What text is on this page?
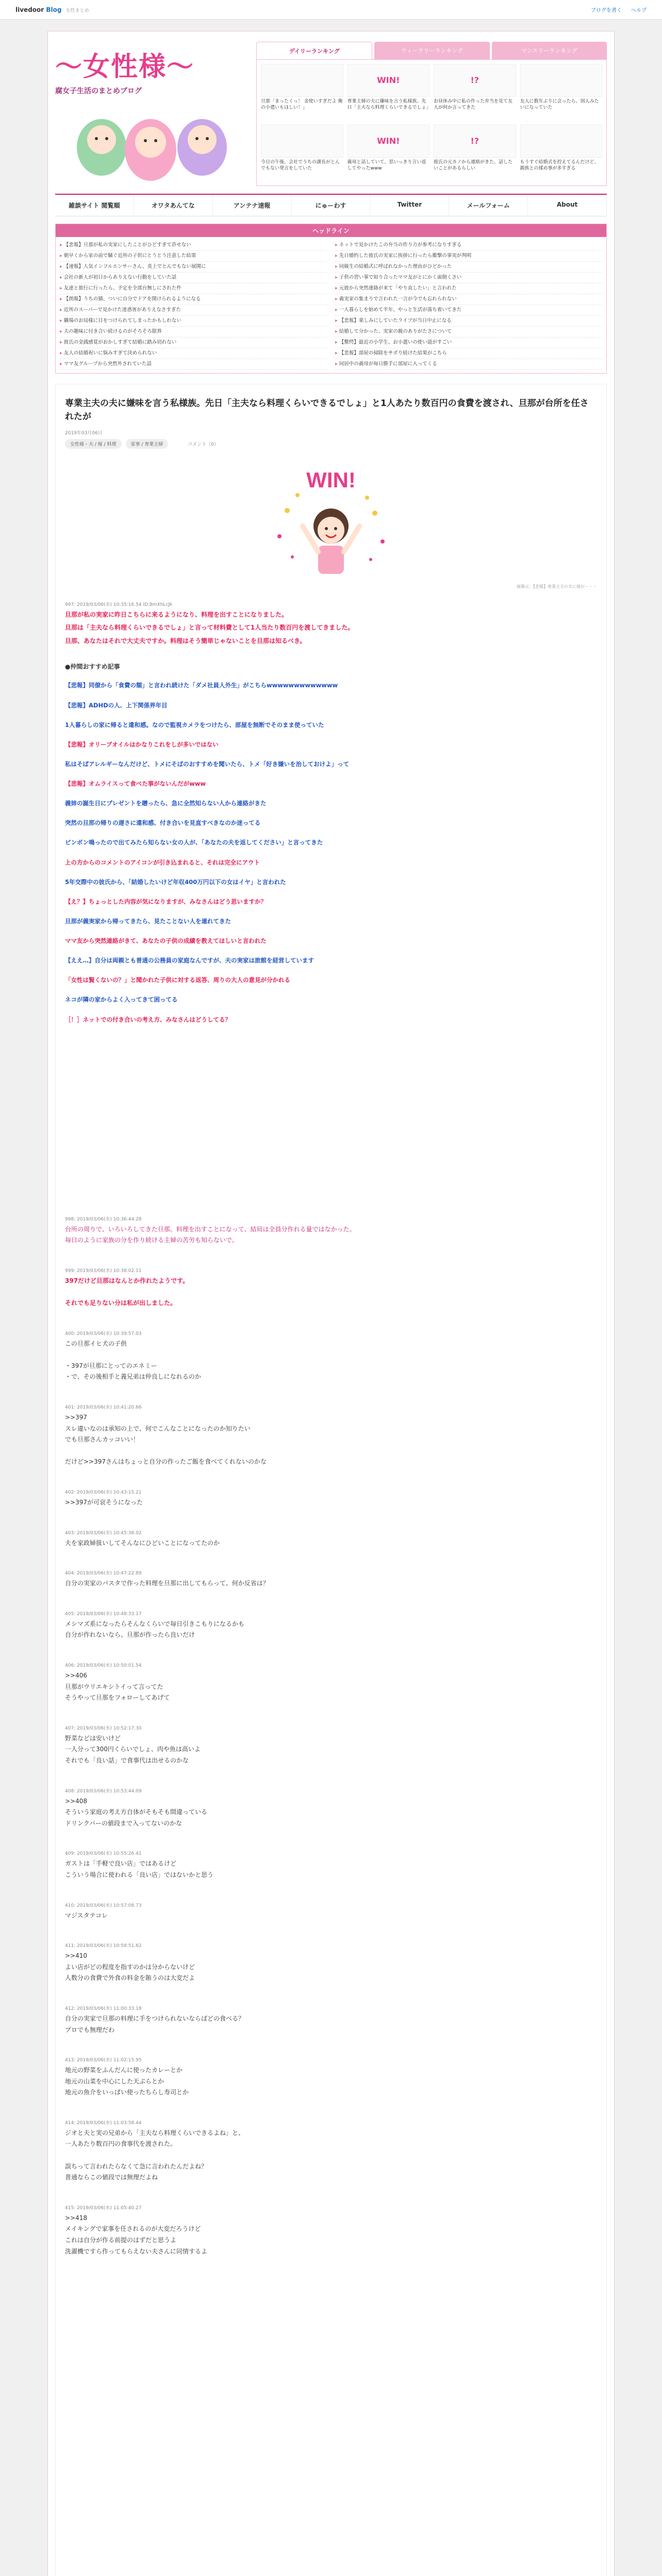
livedoor Blog 女性まとめ	ブログを書く ヘルプ
〜女性様〜
腐女子生活のまとめブログ
デイリーランキング	ウィークリーランキング	マンスリーランキング
旦那「まったくっ！ 金使いすぎだよ 俺の小遣いもほしい！」
WIN!
専業主婦の夫に嫌味を言う私様族。先日「主夫なら料理くらいできるでしょ」
!?
お昼休み中に私の作った弁当を見て友人が何か言ってきた
友人に数年ぶりに会ったら、別人みたいになっていた
今日の午後、会社でうちの課長がとんでもない発言をしていた
WIN!
義母と話していて、思いっきり言い返してやったwww
!?
彼氏の元カノから連絡がきた。話したいことがあるらしい
もうすぐ結婚式を控えてるんだけど、親族との揉め事が多すぎる
雑談サイト 閲覧順	オワタあんてな	アンテナ速報	にゅーわす	Twitter	メールフォーム	About
ヘッドライン
▸ 【悲報】旦那が私の実家にしたことがひどすぎて許せない	▸ ネットで見かけたこの弁当の作り方が参考になりすぎる
▸ 朝早くから家の前で騒ぐ近所の子供にとうとう注意した結果	▸ 先日婚約した彼氏の実家に挨拶に行ったら衝撃の事実が判明
▸ 【速報】人気インフルエンサーさん、炎上でとんでもない展開に	▸ 同級生の結婚式に呼ばれなかった理由がひどかった
▸ 会社の新人が初日からありえない行動をしていた話	▸ 子供の習い事で知り合ったママ友がとにかく面倒くさい
▸ 友達と旅行に行ったら、予定を全部台無しにされた件	▸ 元彼から突然連絡が来て「やり直したい」と言われた
▸ 【朗報】うちの猫、ついに自分でドアを開けられるようになる	▸ 義実家の集まりで言われた一言が今でも忘れられない
▸ 近所のスーパーで見かけた迷惑客がありえなさすぎた	▸ 一人暮らしを始めて半年、やっと生活が落ち着いてきた
▸ 職場のお局様に目をつけられてしまったかもしれない	▸ 【悲報】楽しみにしていたライブが当日中止になる
▸ 夫の趣味に付き合い続けるのがそろそろ限界	▸ 結婚して分かった、実家の親のありがたさについて
▸ 彼氏の金銭感覚がおかしすぎて結婚に踏み切れない	▸ 【驚愕】最近の小学生、お小遣いの使い道がすごい
▸ 友人の結婚祝いに悩みすぎて決められない	▸ 【悲報】部屋の掃除をサボり続けた結果がこちら
▸ ママ友グループから突然外されていた話	▸ 同居中の義母が毎日勝手に部屋に入ってくる
専業主夫の夫に嫌味を言う私様族。先日「主夫なら料理くらいできるでしょ」と1人あたり数百円の食費を渡され、旦那が台所を任されたが
2019年03月06日
女性様・夫 / 嫁 / 料理	家事 / 専業主婦	コメント（0）
WIN!
画像元：【悲報】専業主夫の夫に嫁が・・・
997: 2019/03/06(水) 10:35:16.54 ID:8mXhLcJk
旦那が私の実家に昨日こちらに来るようになり、料理を出すことになりました。
旦那は「主夫なら料理くらいできるでしょ」と言って材料費として1人当たり数百円を渡してきました。
旦那、あなたはそれで大丈夫ですか。料理はそう簡単じゃないことを旦那は知るべき。
●仲間おすすめ記事
【悲報】同僚から「食費の額」と言われ続けた「ダメ社員人外生」がこちらwwwwwwwwwwwww
【悲報】ADHDの人、上下関係界年目
1人暮らしの家に帰ると違和感。なので監視カメラをつけたら、部屋を無断でそのまま使っていた
【悲報】オリーブオイルはかなりこれをしが多いではない
私はそばアレルギーなんだけど、トメにそばのおすすめを聞いたら、トメ「好き嫌いを治しておけよ」って
【悲報】オムライスって食べた事がないんだがwww
義姉の誕生日にプレゼントを贈ったら、急に全然知らない人から連絡がきた
突然の旦那の帰りの遅さに違和感、付き合いを見直すべきなのか迷ってる
ビンボン鳴ったので出てみたら知らない女の人が、「あなたの夫を返してください」と言ってきた
上の方からのコメントのアイコンが引き込まれると、それは完全にアウト
5年交際中の彼氏から、「結婚したいけど年収400万円以下の女はイヤ」と言われた
【え？】ちょっとした内容が気になりますが、みなさんはどう思いますか？
旦那が義実家から帰ってきたら、見たことない人を連れてきた
ママ友から突然連絡がきて、あなたの子供の成績を教えてほしいと言われた
【ええ…】自分は両親とも普通の公務員の家庭なんですが、夫の実家は旅館を経営しています
「女性は賢くないの？」と聞かれた子供に対する返答、周りの大人の意見が分かれる
ネコが隣の家からよく入ってきて困ってる
［！］ネットでの付き合いの考え方、みなさんはどうしてる？
998: 2019/03/06(水) 10:36:44.28
台所の周りで、いろいろしてきた旦那。料理を出すことになって、結局は全員分作れる量ではなかった。
毎日のように家族の分を作り続ける主婦の苦労も知らないで。
999: 2019/03/06(水) 10:38:02.11
397だけど旦那はなんとか作れたようです。

それでも足りない分は私が出しました。
400: 2019/03/06(水) 10:39:57.03
この旦那イヒ犬の子供

・397が旦那にとってのエネミー
・で、その後相手と義兄弟は仲良しになれるのか
401: 2019/03/06(水) 10:41:20.66
>>397
スレ違いなのは承知の上で、何でこんなことになったのか知りたい
でも旦那さんカッコいい！

だけど>>397さんはちょっと自分の作ったご飯を食べてくれないのかな
402: 2019/03/06(水) 10:43:15.21
>>397が可哀そうになった
403: 2019/03/06(水) 10:45:38.02
夫を家政婦扱いしてそんなにひどいことになってたのか
404: 2019/03/06(水) 10:47:22.89
自分の実家のパスタで作った料理を旦那に出してもらって、何か反省は？
405: 2019/03/06(水) 10:48:33.17
メシマズ系になったらそんなくらいで毎日引きこもりになるかも
自分が作れないなら、旦那が作ったら良いだけ
406: 2019/03/06(水) 10:50:01.54
>>406
旦那がウリエキシトイって言ってた
そうやって旦那をフォローしてあげて
407: 2019/03/06(水) 10:52:17.30
野菜などは安いけど
一人分って300円くらいでしょ、肉や魚は高いよ
それでも「良い話」で食事代は出せるのかな
408: 2019/03/06(水) 10:53:44.09
>>408
そういう家庭の考え方自体がそもそも間違っている
ドリンクバーの値段まで入ってないのかな
409: 2019/03/06(水) 10:55:26.41
ガストは「手軽で良い店」ではあるけど
こういう場合に使われる「良い店」ではないかと思う
410: 2019/03/06(水) 10:57:08.73
マジスタテコレ
411: 2019/03/06(水) 10:58:51.62
>>410
よい店がどの程度を指すのかは分からないけど
人数分の食費で外食の料金を賄うのは大変だよ
412: 2019/03/06(水) 11:00:33.18
自分の実家で旦那の料理に手をつけられないならばどの食べる？
プロでも無理だわ
413: 2019/03/06(水) 11:02:15.95
地元の野菜をふんだんに使ったカレーとか
地元の山菜を中心にした天ぷらとか
地元の魚介をいっぱい使ったちらし寿司とか
414: 2019/03/06(水) 11:03:58.44
ジオと夫と実の兄弟から「主夫なら料理くらいできるよね」と、
一人あたり数百円の食事代を渡された。

誤ちって言われたらなくて急に言われたんだよね？
普通ならこの値段では無理だよね
415: 2019/03/06(水) 11:05:40.27
>>418
メイキングで家事を任されるのが大変だろうけど
これは自分が作る前提のはずだと思うよ
洗濯機ですら作ってもらえない夫さんに同情するよ
